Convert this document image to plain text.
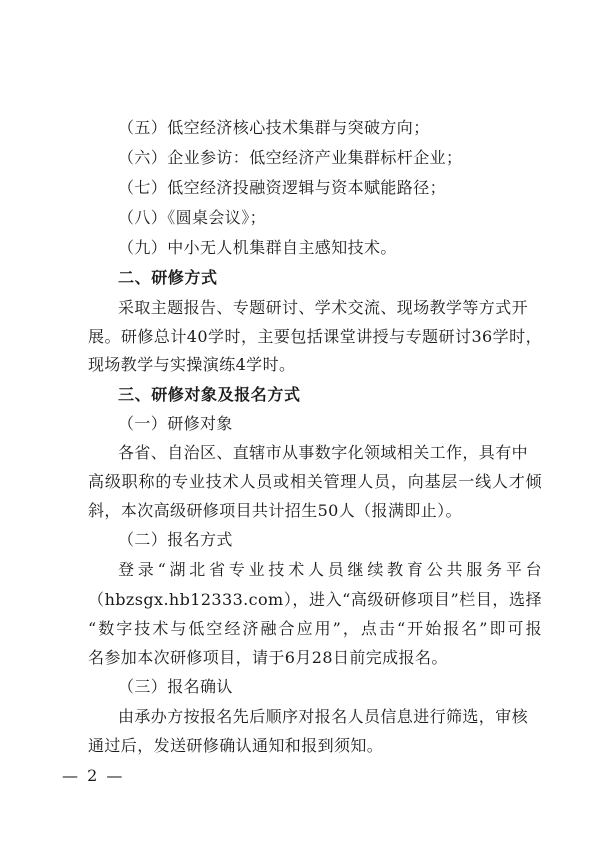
（五）低空经济核心技术集群与突破方向；
（六）企业参访：低空经济产业集群标杆企业；
（七）低空经济投融资逻辑与资本赋能路径；
（八）《圆桌会议》；
（九）中小无人机集群自主感知技术。
二、研修方式
采取主题报告、专题研讨、学术交流、现场教学等方式开
展。研修总计40学时，主要包括课堂讲授与专题研讨36学时，
现场教学与实操演练4学时。
三、研修对象及报名方式
（一）研修对象
各省、自治区、直辖市从事数字化领域相关工作，具有中
高级职称的专业技术人员或相关管理人员，向基层一线人才倾
斜，本次高级研修项目共计招生50人（报满即止）。
（二）报名方式
登录“湖北省专业技术人员继续教育公共服务平台
（hbzsgx.hb12333.com），进入“高级研修项目”栏目，选择
“数字技术与低空经济融合应用”，点击“开始报名”即可报
名参加本次研修项目，请于6月28日前完成报名。
（三）报名确认
由承办方按报名先后顺序对报名人员信息进行筛选，审核
通过后，发送研修确认通知和报到须知。
— 2 —
